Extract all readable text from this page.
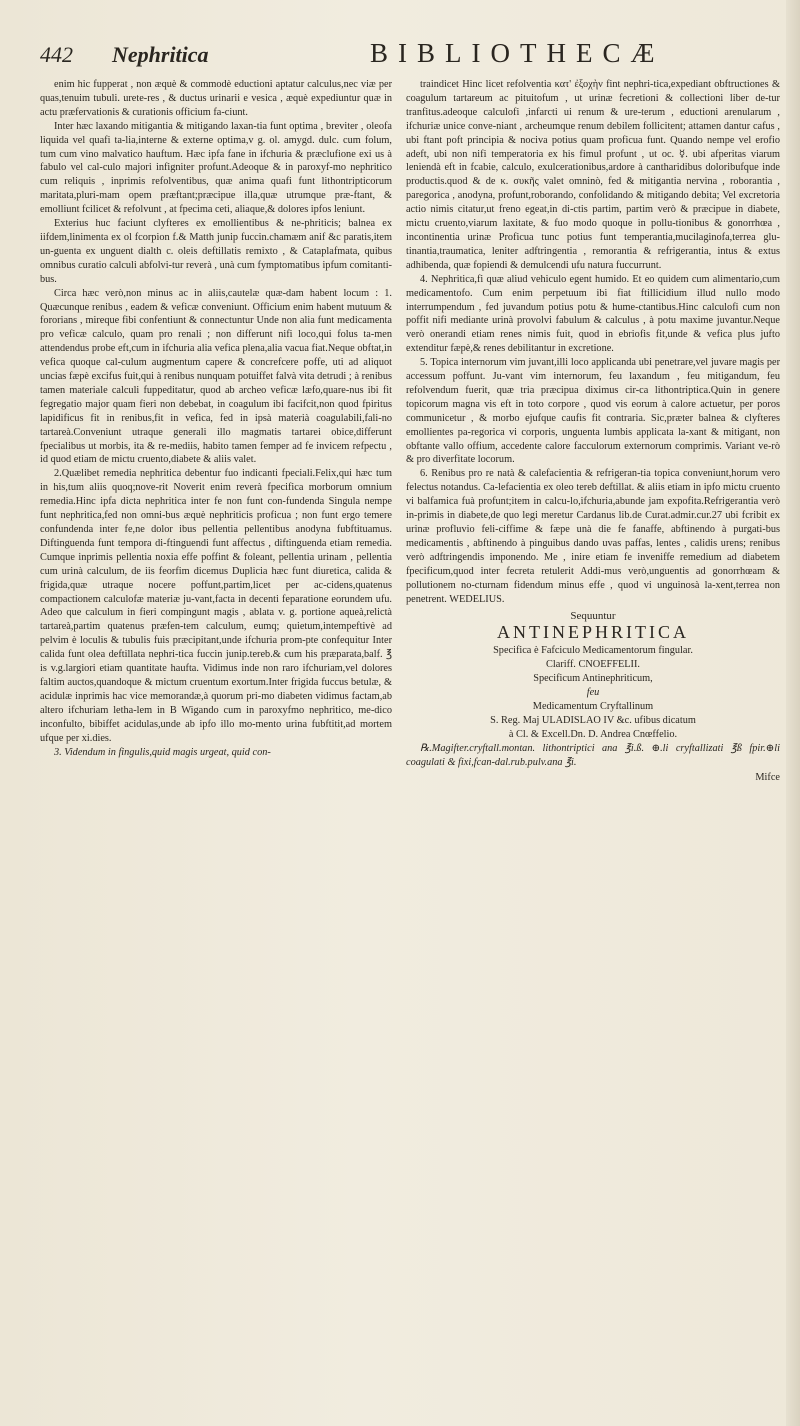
442 Nephritica	BIBLIOTHECÆ

enim hic fupperat , non æquè & commodè eductioni aptatur calculus,nec viæ per quas,tenuim tubuli. urete-res , & ductus urinarii e vesica , æquè expediuntur quæ in actu præfervationis & curationis officium fa-ciunt.

Inter hæc laxando mitigantia & mitigando laxan-tia funt optima , breviter , oleofa liquida vel quafi ta-lia,interne & externe optima,v g. ol. amygd. dulc. cum folum, tum cum vino malvatico hauftum. Hæc ipfa fane in ifchuria & præclufione exi us à fabulo vel cal-culo majori infigniter profunt.Adeoque & in paroxyf-mo nephritico cum reliquis , inprimis refolventibus, quæ anima quafi funt lithontripticorum maritata,pluri-mam opem præftant;præcipue illa,quæ utrumque præ-ftant, & emolliunt fcilicet & refolvunt , at fpecima ceti, aliaque,& dolores ipfos leniunt.

Exterius huc faciunt clyfteres ex emollientibus & ne-phriticis; balnea ex iifdem,linimenta ex ol fcorpion f.& Matth junip fuccin.chamæm anif &c paratis,item un-guenta ex unguent dialth c. oleis deftillatis remixto , & Cataplafmata, quibus omnibus curatio calculi abfolvi-tur reverà , unà cum fymptomatibus ipfum comitanti-bus.

Circa hæc verò,non minus ac in aliis,cautelæ quæ-dam habent locum : 1. Quæcunque renibus , eadem & veficæ conveniunt. Officium enim habent mutuum & fororians , mireque fibi confentiunt & connectuntur Unde non alia funt medicamenta pro veficæ calculo, quam pro renali ; non differunt nifi loco,qui folus ta-men attendendus probe eft,cum in ifchuria alia vefica plena,alia vacua fiat.Neque obftat,in vefica quoque cal-culum augmentum capere & concrefcere poffe, uti ad aliquot uncias fæpè excifus fuit,qui à renibus nunquam potuiffet falvà vita detrudi ; à renibus tamen materiale calculi fuppeditatur, quod ab archeo veficæ læfo,quare-nus ibi fit fegregatio major quam fieri non debebat, in coagulum ibi facifcit,non quod fpiritus lapidificus fit in renibus,fit in vefica, fed in ipsà materià coagulabili,fali-no tartareà.Conveniunt utraque generali illo magmatis tartarei obice,differunt fpecialibus ut morbis, ita & re-mediis, habito tamen femper ad fe invicem refpectu , id quod etiam de mictu cruento,diabete & aliis valet.

2.Quælibet remedia nephritica debentur fuo indicanti fpeciali.Felix,qui hæc tum in his,tum aliis quoq;nove-rit Noverit enim reverà fpecifica morborum omnium remedia.Hinc ipfa dicta nephritica inter fe non funt con-fundenda Singula nempe funt nephritica,fed non omni-bus æquè nephriticis proficua ; non funt ergo temere confundenda inter fe,ne dolor ibus pellentia pellentibus anodyna fubftituamus. Diftinguenda funt tempora di-ftinguendi funt affectus , diftinguenda etiam remedia. Cumque inprimis pellentia noxia effe poffint & foleant, pellentia urinam , pellentia cum urinà calculum, de iis feorfim dicemus Duplicia hæc funt diuretica, calida & frigida,quæ utraque nocere poffunt,partim,licet per ac-cidens,quatenus compactionem calculofæ materiæ ju-vant,facta in decenti feparatione eorundem ufu. Adeo que calculum in fieri compingunt magis , ablata v. g. portione aqueà,relictà tartareà,partim quatenus præfen-tem calculum, eumq; quietum,intempeftivè ad pelvim è loculis & tubulis fuis præcipitant,unde ifchuria prom-pte confequitur Inter calida funt olea deftillata nephri-tica fuccin junip.tereb.& cum his præparata,balf. ℥ is v.g.largiori etiam quantitate haufta. Vidimus inde non raro ifchuriam,vel dolores faltim auctos,quandoque & mictum cruentum exortum.Inter frigida fuccus betulæ, & acidulæ inprimis hac vice memorandæ,à quorum pri-mo diabeten vidimus factam,ab altero ifchuriam letha-lem in B Wigando cum in paroxyfmo nephritico, me-dico inconfulto, bibiffet acidulas,unde ab ipfo illo mo-mento urina fubftitit,ad mortem ufque per xi.dies.

3. Videndum in fingulis,quid magis urgeat, quid con-

traindicet Hinc licet refolventia κατ' ἐξοχὴν fint nephri-tica,expediant obftructiones & coagulum tartareum ac pituitofum , ut urinæ fecretioni & collectioni liber de-tur tranfitus.adeoque calculofi ,infarcti ui renum & ure-terum , eductioni arenularum , ifchuriæ unice conve-niant , archeumque renum debilem follicitent; attamen dantur cafus , ubi ftant poft principia & nociva potius quam proficua funt. Quando nempe vel erofio adeft, ubi non nifi temperatoria ex his fimul profunt , ut oc. ☿. ubi afperitas viarum leniendà eft in fcabie, calculo, exulcerationibus,ardore à cantharidibus doloribufque inde productis.quod & de κ. συκῆς valet omninò, fed & mitigantia nervina , roborantia , paregorica , anodyna, profunt,roborando, confolidando & mitigando debita; Vel excretoria actio nimis citatur,ut freno egeat,in di-ctis partim, partim verò & præcipue in diabete, mictu cruento,viarum laxitate, & fuo modo quoque in pollu-tionibus & gonorrhœa , incontinentia urinæ Proficua tunc potius funt temperantia,mucilaginofa,terrea glu-tinantia,traumatica, leniter adftringentia , remorantia & refrigerantia, intus & extus adhibenda, quæ fopiendi & demulcendi ufu natura fuccurrunt.

4. Nephritica,fi quæ aliud vehiculo egent humido. Et eo quidem cum alimentario,cum medicamentofo. Cum enim perpetuum ibi fiat ftillicidium illud nullo modo interrumpendum , fed juvandum potius potu & hume-ctantibus.Hinc calculofi cum non poffit nifi mediante urinà provolvi fabulum & calculus , à potu maxime juvantur.Neque verò onerandi etiam renes nimis fuit, quod in ebriofis fit,unde & vefica plus jufto extenditur fæpè,& renes debilitantur in excretione.

5. Topica internorum vim juvant,illi loco applicanda ubi penetrare,vel juvare magis per accessum poffunt. Ju-vant vim internorum, feu laxandum , feu mitigandum, feu refolvendum fuerit, quæ tria præcipua diximus cir-ca lithontriptica.Quin in genere topicorum magna vis eft in toto corpore , quod vis eorum à calore actuetur, per poros communicetur , & morbo ejufque caufis fit contraria. Sic,præter balnea & clyfteres emollientes pa-regorica vi corporis, unguenta lumbis applicata la-xant & mitigant, non obftante vallo offium, accedente calore facculorum externorum comprimis. Variant ve-rò & pro diverfitate locorum.

6. Renibus pro re natà & calefacientia & refrigeran-tia topica conveniunt,horum vero felectus notandus. Ca-lefacientia ex oleo tereb deftillat. & aliis etiam in ipfo mictu cruento vi balfamica fuà profunt;item in calcu-lo,ifchuria,abunde jam expofita.Refrigerantia verò in-primis in diabete,de quo legi meretur Cardanus lib.de Curat.admir.cur.27 ubi fcribit ex urinæ profluvio feli-ciffime & fæpe unà die fe fanaffe, abftinendo à purgati-bus medicamentis , abftinendo à pinguibus dando uvas paffas, lentes , calidis urens; renibus verò adftringendis imponendo. Me , inire etiam fe inveniffe remedium ad diabetem fpecificum,quod inter fecreta retulerit Addi-mus verò,unguentis ad gonorrhœam & pollutionem no-cturnam fidendum minus effe , quod vi unguinosà la-xent,terrea non penetrent. WEDELIUS.

Sequuntur
ANTINEPHRITICA

Specifica è Fafciculo Medicamentorum fingular.

Clariff. CNOEFFELII.

Specificum Antinephriticum,

feu

Medicamentum Cryftallinum

S. Reg. Maj ULADISLAO IV &c. ufibus dicatum

à Cl. & Excell.Dn. D. Andrea Cnœffelio.

℞.Magifter.cryftall.montan. lithontriptici ana ℥i.ß. ⊕.li cryftallizati ℥ß fpir.⊕li coagulati & fixi,fcan-dal.rub.pulv.ana ℥i.

Mifce
